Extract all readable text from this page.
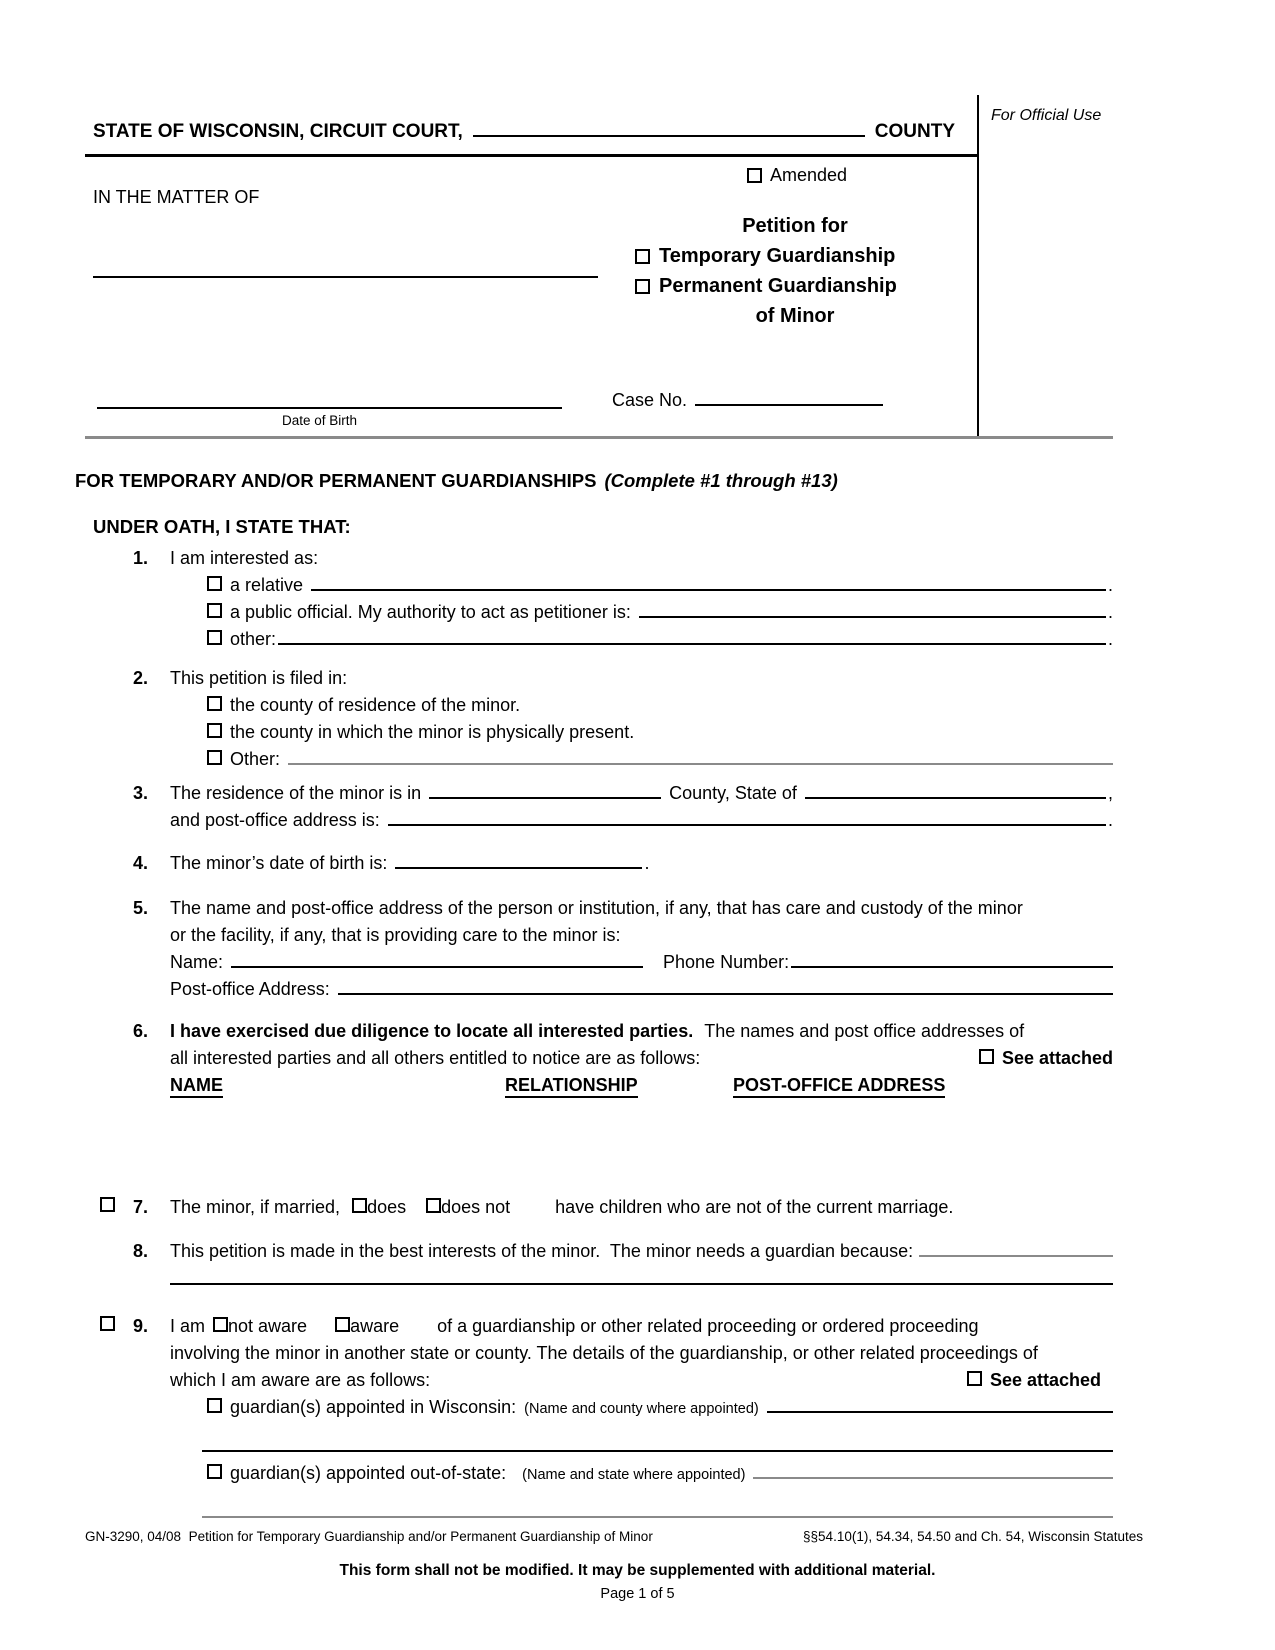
STATE OF WISCONSIN, CIRCUIT COURT,	COUNTY
Amended
IN THE MATTER OF
Petition for
Temporary Guardianship
Permanent Guardianship
of Minor
Date of Birth
Case No.
For Official Use
FOR TEMPORARY AND/OR PERMANENT GUARDIANSHIPS (Complete #1 through #13)
UNDER OATH, I STATE THAT:
1.	I am interested as:
a relative	.
a public official. My authority to act as petitioner is:	.
other:	.
2.	This petition is filed in:
the county of residence of the minor.
the county in which the minor is physically present.
Other:
3.	The residence of the minor is in	County, State of	,
and post-office address is:	.
4.	The minor’s date of birth is:	.
5.	The name and post-office address of the person or institution, if any, that has care and custody of the minor
or the facility, if any, that is providing care to the minor is:
Name:	Phone Number:
Post-office Address:
6.	I have exercised due diligence to locate all interested parties. The names and post office addresses of
all interested parties and all others entitled to notice are as follows:	See attached
NAME	RELATIONSHIP	POST-OFFICE ADDRESS
7.	The minor, if married, does does not	have children who are not of the current marriage.
8.	This petition is made in the best interests of the minor.  The minor needs a guardian because:
9.	I am not aware aware of a guardianship or other related proceeding or ordered proceeding
involving the minor in another state or county. The details of the guardianship, or other related proceedings of
which I am aware are as follows:	See attached
guardian(s) appointed in Wisconsin: (Name and county where appointed)
guardian(s) appointed out-of-state: (Name and state where appointed)
GN-3290, 04/08  Petition for Temporary Guardianship and/or Permanent Guardianship of Minor	§§54.10(1), 54.34, 54.50 and Ch. 54, Wisconsin Statutes
This form shall not be modified. It may be supplemented with additional material.
Page 1 of 5
